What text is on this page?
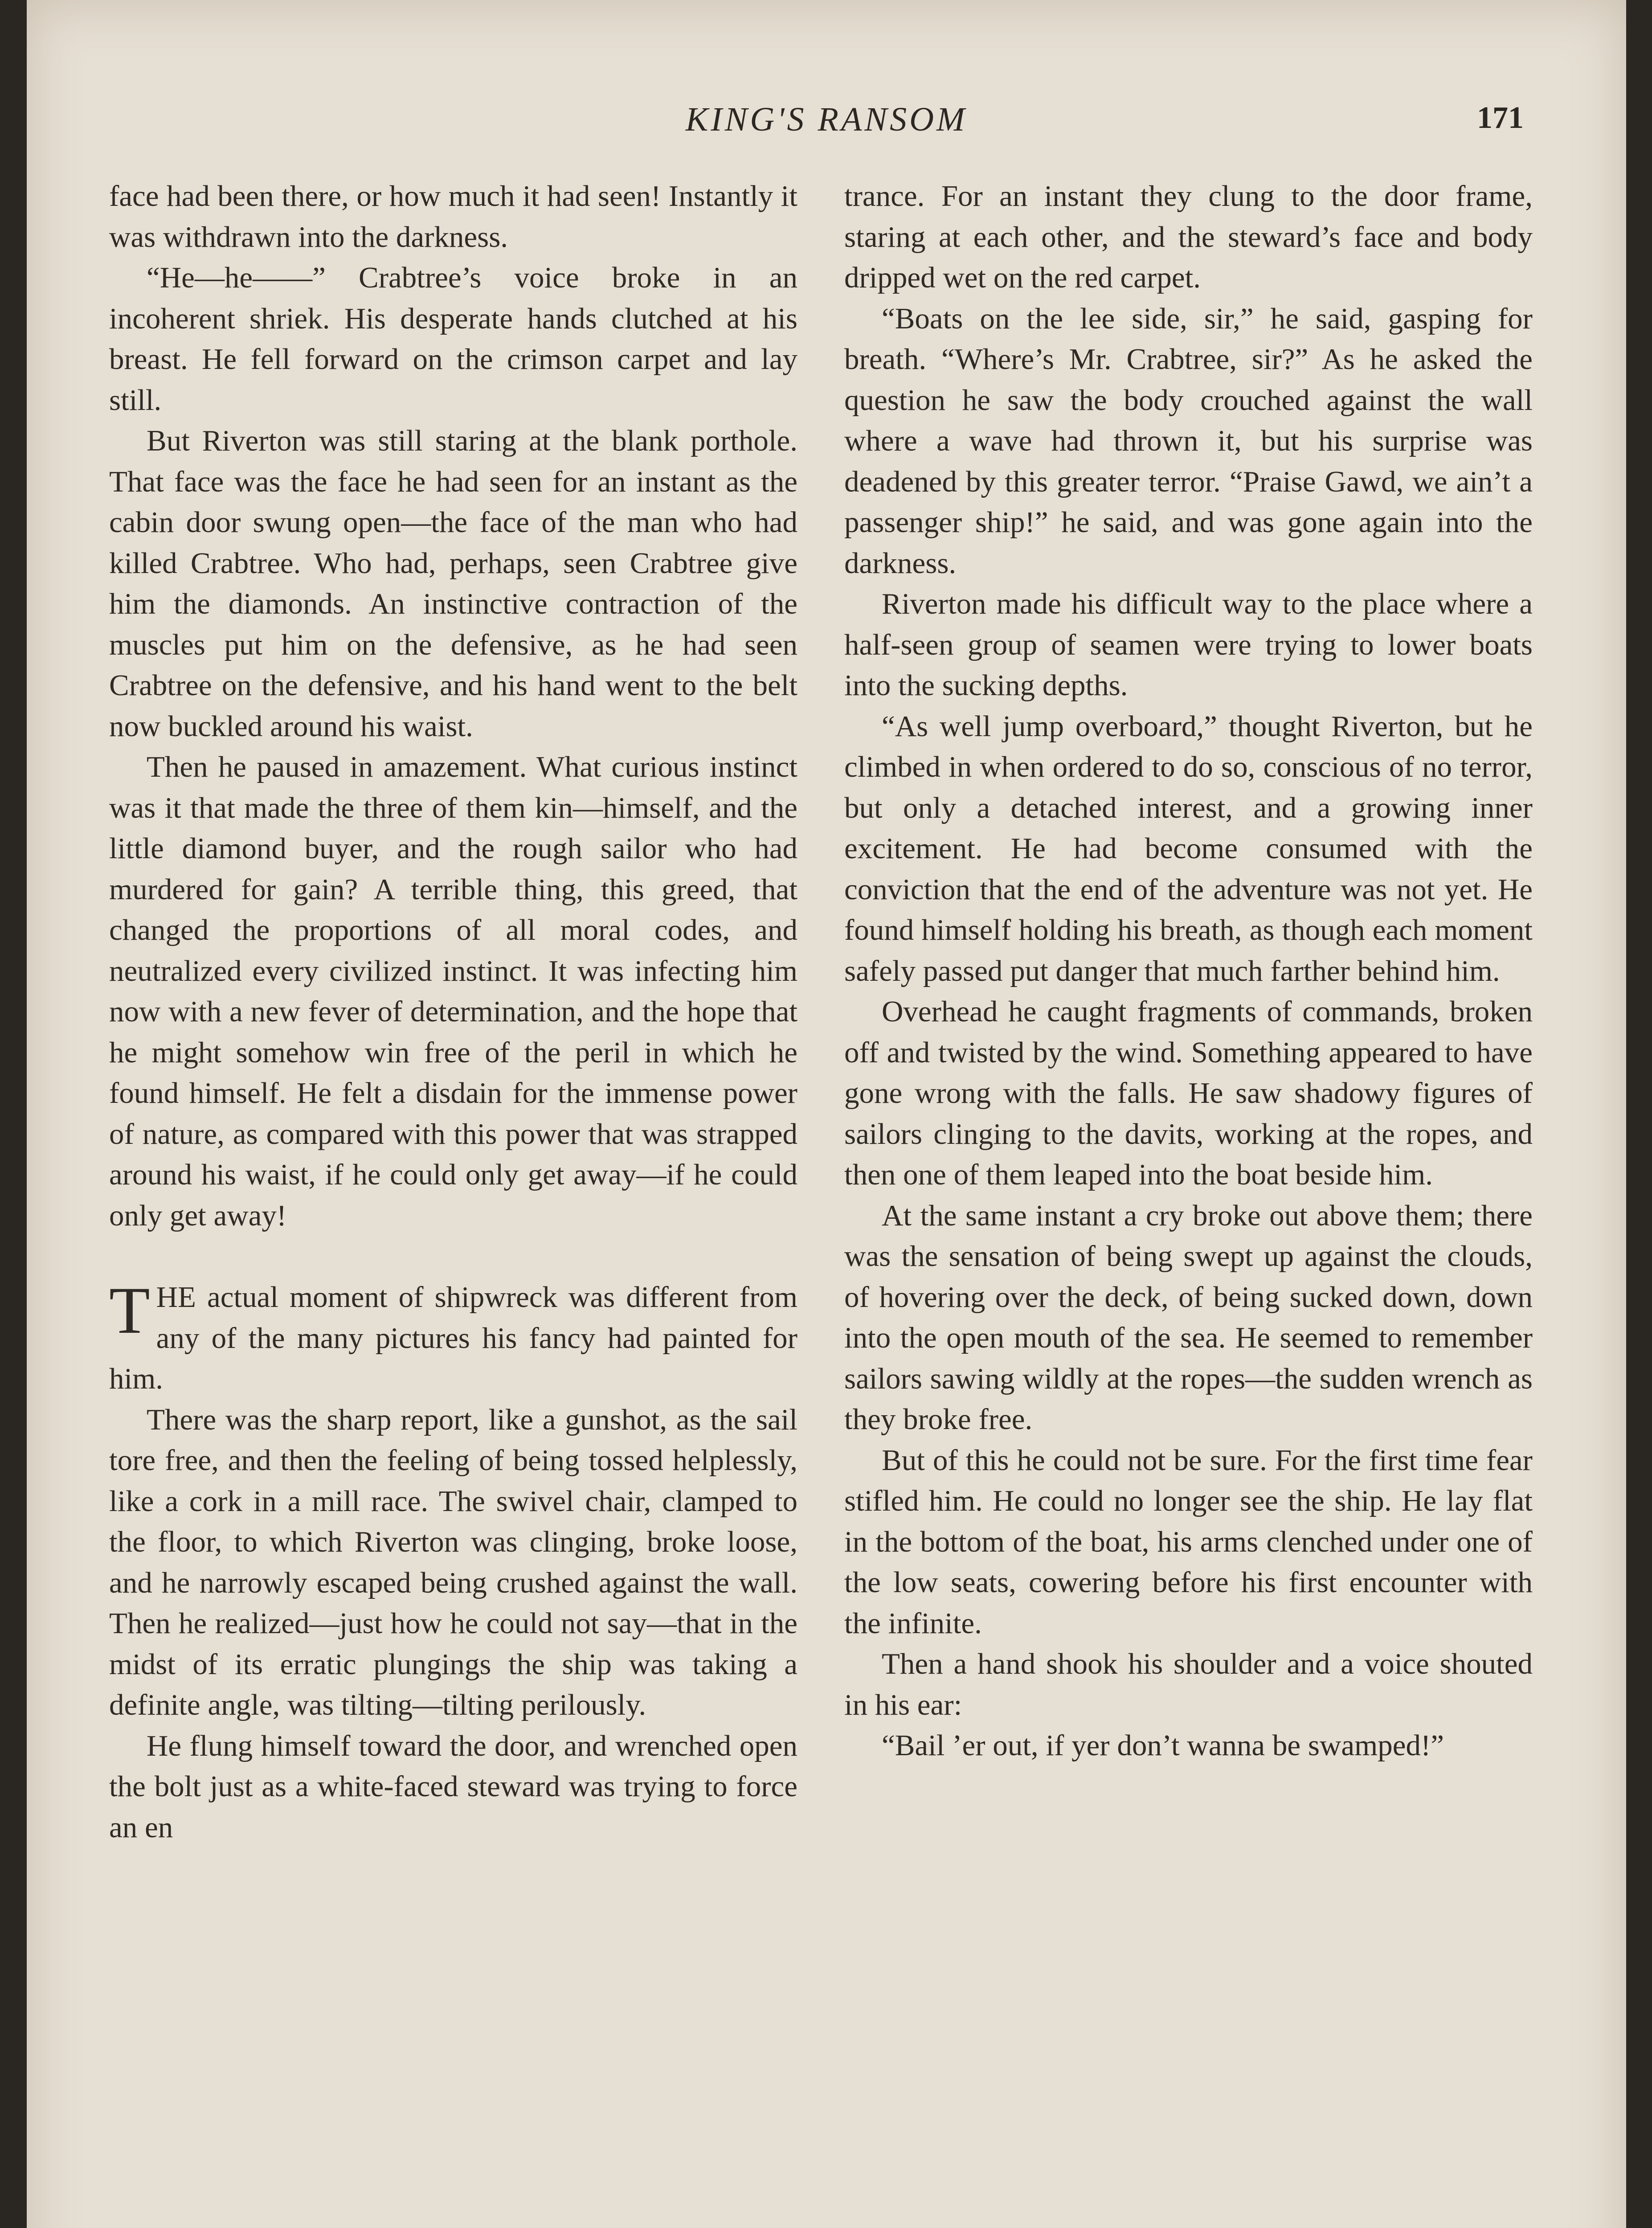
KING'S RANSOM	171

face had been there, or how much it had seen! Instantly it was withdrawn into the darkness.

“He—he——” Crabtree’s voice broke in an incoherent shriek. His desperate hands clutched at his breast. He fell forward on the crimson carpet and lay still.

But Riverton was still staring at the blank porthole. That face was the face he had seen for an instant as the cabin door swung open—the face of the man who had killed Crabtree. Who had, perhaps, seen Crabtree give him the diamonds. An instinctive contraction of the muscles put him on the defensive, as he had seen Crabtree on the defensive, and his hand went to the belt now buckled around his waist.

Then he paused in amazement. What curious instinct was it that made the three of them kin—himself, and the little diamond buyer, and the rough sailor who had murdered for gain? A terrible thing, this greed, that changed the proportions of all moral codes, and neutralized every civilized instinct. It was infecting him now with a new fever of determination, and the hope that he might somehow win free of the peril in which he found himself. He felt a disdain for the immense power of nature, as compared with this power that was strapped around his waist, if he could only get away—if he could only get away!

THE actual moment of shipwreck was different from any of the many pictures his fancy had painted for him.

There was the sharp report, like a gunshot, as the sail tore free, and then the feeling of being tossed helplessly, like a cork in a mill race. The swivel chair, clamped to the floor, to which Riverton was clinging, broke loose, and he narrowly escaped being crushed against the wall. Then he realized—just how he could not say—that in the midst of its erratic plungings the ship was taking a definite angle, was tilting—tilting perilously.

He flung himself toward the door, and wrenched open the bolt just as a white-faced steward was trying to force an en

trance. For an instant they clung to the door frame, staring at each other, and the steward’s face and body dripped wet on the red carpet.

“Boats on the lee side, sir,” he said, gasping for breath. “Where’s Mr. Crabtree, sir?” As he asked the question he saw the body crouched against the wall where a wave had thrown it, but his surprise was deadened by this greater terror. “Praise Gawd, we ain’t a passenger ship!” he said, and was gone again into the darkness.

Riverton made his difficult way to the place where a half-seen group of seamen were trying to lower boats into the sucking depths.

“As well jump overboard,” thought Riverton, but he climbed in when ordered to do so, conscious of no terror, but only a detached interest, and a growing inner excitement. He had become consumed with the conviction that the end of the adventure was not yet. He found himself holding his breath, as though each moment safely passed put danger that much farther behind him.

Overhead he caught fragments of commands, broken off and twisted by the wind. Something appeared to have gone wrong with the falls. He saw shadowy figures of sailors clinging to the davits, working at the ropes, and then one of them leaped into the boat beside him.

At the same instant a cry broke out above them; there was the sensation of being swept up against the clouds, of hovering over the deck, of being sucked down, down into the open mouth of the sea. He seemed to remember sailors sawing wildly at the ropes—the sudden wrench as they broke free.

But of this he could not be sure. For the first time fear stifled him. He could no longer see the ship. He lay flat in the bottom of the boat, his arms clenched under one of the low seats, cowering before his first encounter with the infinite.

Then a hand shook his shoulder and a voice shouted in his ear:

“Bail ’er out, if yer don’t wanna be swamped!”
